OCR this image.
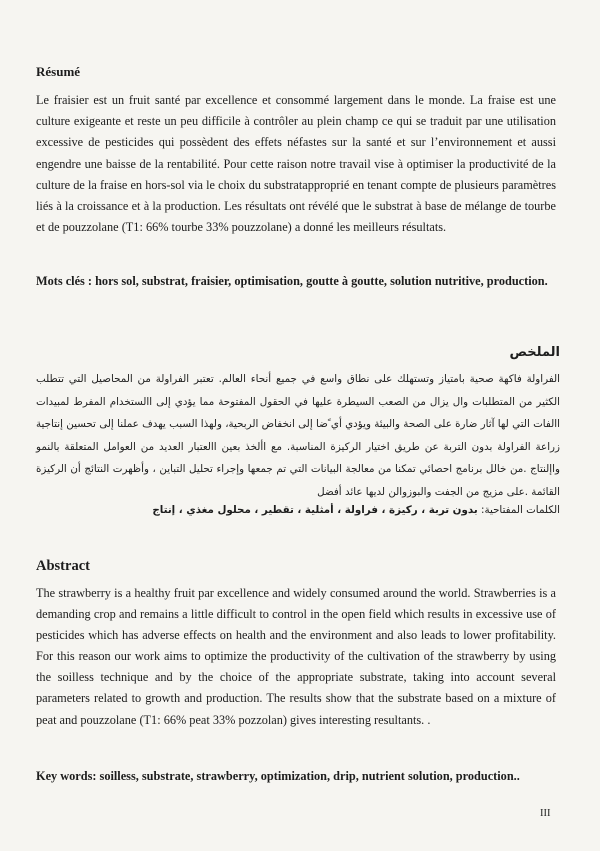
Résumé
Le fraisier est un fruit santé par excellence et consommé largement dans le monde. La fraise est une culture exigeante et reste un peu difficile à contrôler au plein champ ce qui se traduit par une utilisation excessive de pesticides qui possèdent des effets néfastes sur la santé et sur l’environnement et aussi engendre une baisse de la rentabilité. Pour cette raison notre travail vise à optimiser la productivité de la culture de la fraise en hors-sol via le choix du substratapproprié en tenant compte de plusieurs paramètres liés à la croissance et à la production. Les résultats ont révélé que le substrat à base de mélange de tourbe et de pouzzolane (T1: 66% tourbe 33% pouzzolane) a donné les meilleurs résultats.
Mots clés : hors sol, substrat, fraisier, optimisation, goutte à goutte, solution nutritive, production.
الملخص
الفراولة فاكهة صحية بامتياز وتستهلك على نطاق واسع في جميع أنحاء العالم. تعتبر الفراولة من المحاصيل التي تتطلب الكثير من المتطلبات وال يزال من الصعب السيطرة عليها في الحقول المفتوحة مما يؤدي إلى االستخدام المفرط لمبيدات االفات التي لها آثار ضارة على الصحة والبيئة ويؤدي أي ًضا إلى انخفاض الربحية، ولهذا السبب يهدف عملنا إلى تحسين إنتاجية زراعة الفراولة بدون التربة عن طريق اختيار الركيزة المناسبة. مع األخذ بعين االعتبار العديد من العوامل المتعلقة بالنمو واإلنتاج .من خالل برنامج احصائي تمكنا من معالجة البيانات التي تم جمعها وإجراء تحليل التباين ، وأظهرت النتائج أن الركيزة القائمة .على مزيج من الجفت والبوزوالن لديها عائد أفضل
الكلمات المفتاحية: بدون تربة ، ركيزة ، فراولة ، أمثلية ، تقطير ، محلول مغذي ، إنتاج
Abstract
The strawberry is a healthy fruit par excellence and widely consumed around the world. Strawberries is a demanding crop and remains a little difficult to control in the open field which results in excessive use of pesticides which has adverse effects on health and the environment and also leads to lower profitability. For this reason our work aims to optimize the productivity of the cultivation of the strawberry by using the soilless technique and by the choice of the appropriate substrate, taking into account several parameters related to growth and production. The results show that the substrate based on a mixture of peat and pouzzolane (T1: 66% peat 33% pozzolan) gives interesting resultants. .
Key words: soilless, substrate, strawberry, optimization, drip, nutrient solution, production..
III
